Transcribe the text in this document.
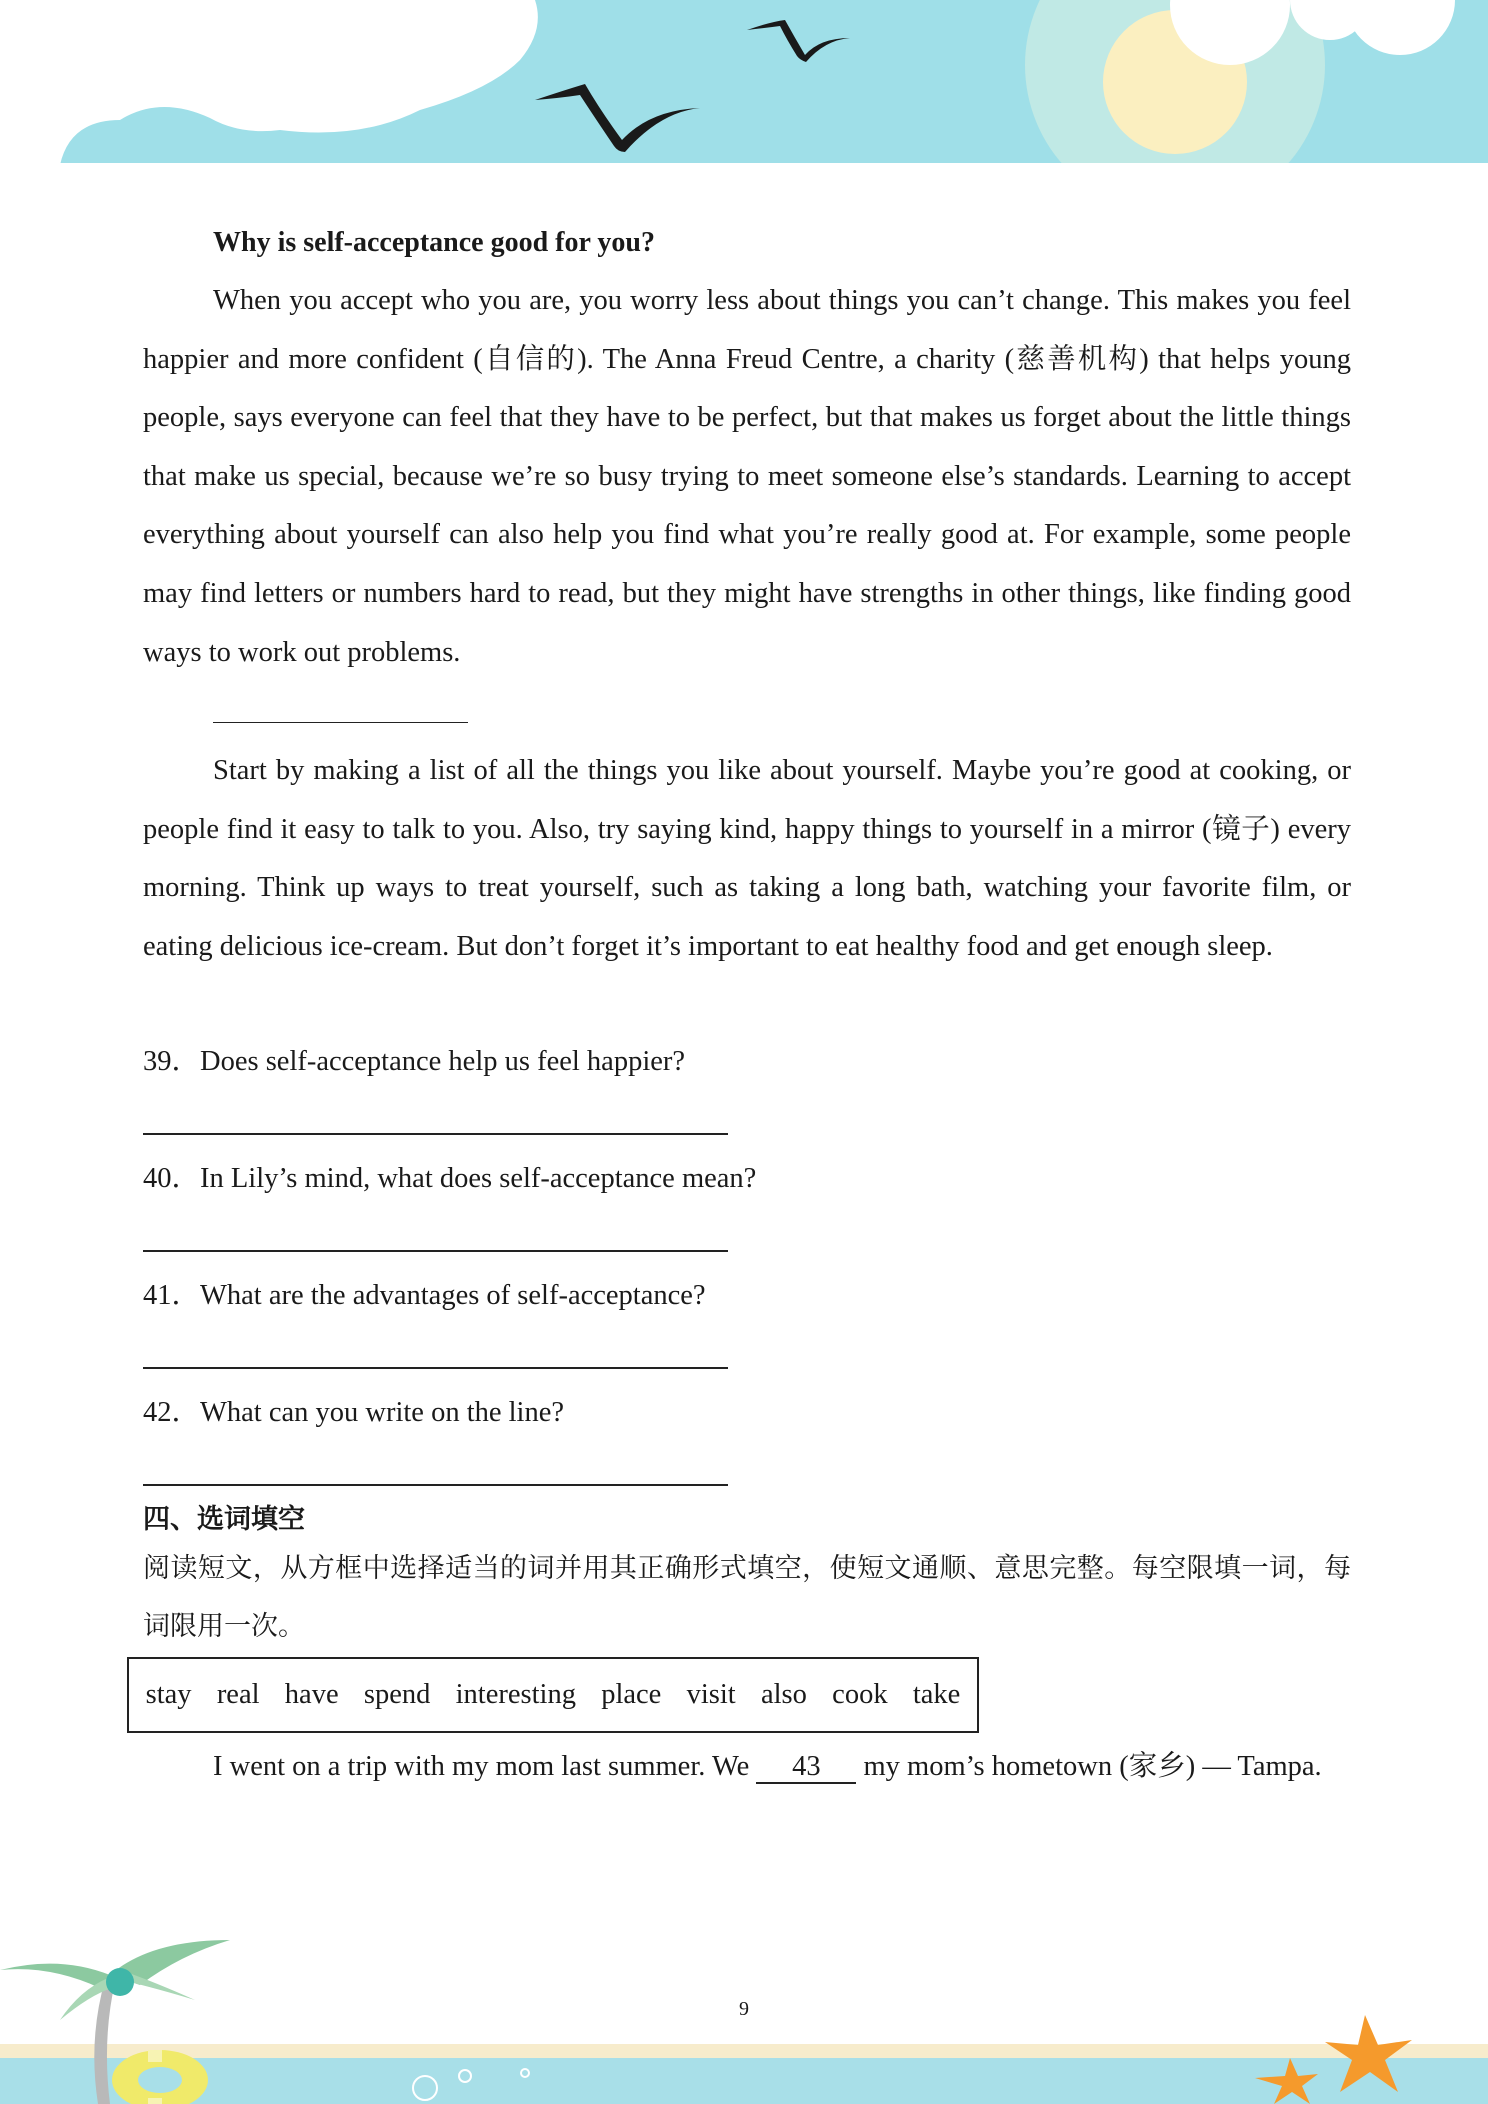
Why is self-acceptance good for you?

When you accept who you are, you worry less about things you can’t change. This makes you feel happier and more confident (自信的). The Anna Freud Centre, a charity (慈善机构) that helps young people, says everyone can feel that they have to be perfect, but that makes us forget about the little things that make us special, because we’re so busy trying to meet someone else’s standards. Learning to accept everything about yourself can also help you find what you’re really good at. For example, some people may find letters or numbers hard to read, but they might have strengths in other things, like finding good ways to work out problems.

Start by making a list of all the things you like about yourself. Maybe you’re good at cooking, or people find it easy to talk to you. Also, try saying kind, happy things to yourself in a mirror (镜子) every morning. Think up ways to treat yourself, such as taking a long bath, watching your favorite film, or eating delicious ice-cream. But don’t forget it’s important to eat healthy food and get enough sleep.

39．Does self-acceptance help us feel happier?
40．In Lily’s mind, what does self-acceptance mean?
41．What are the advantages of self-acceptance?
42．What can you write on the line?
四、选词填空

阅读短文，从方框中选择适当的词并用其正确形式填空，使短文通顺、意思完整。每空限填一词，每词限用一次。

stay real have spend interesting place visit also cook take

I went on a trip with my mom last summer. We 43 my mom’s hometown (家乡) — Tampa.

9
